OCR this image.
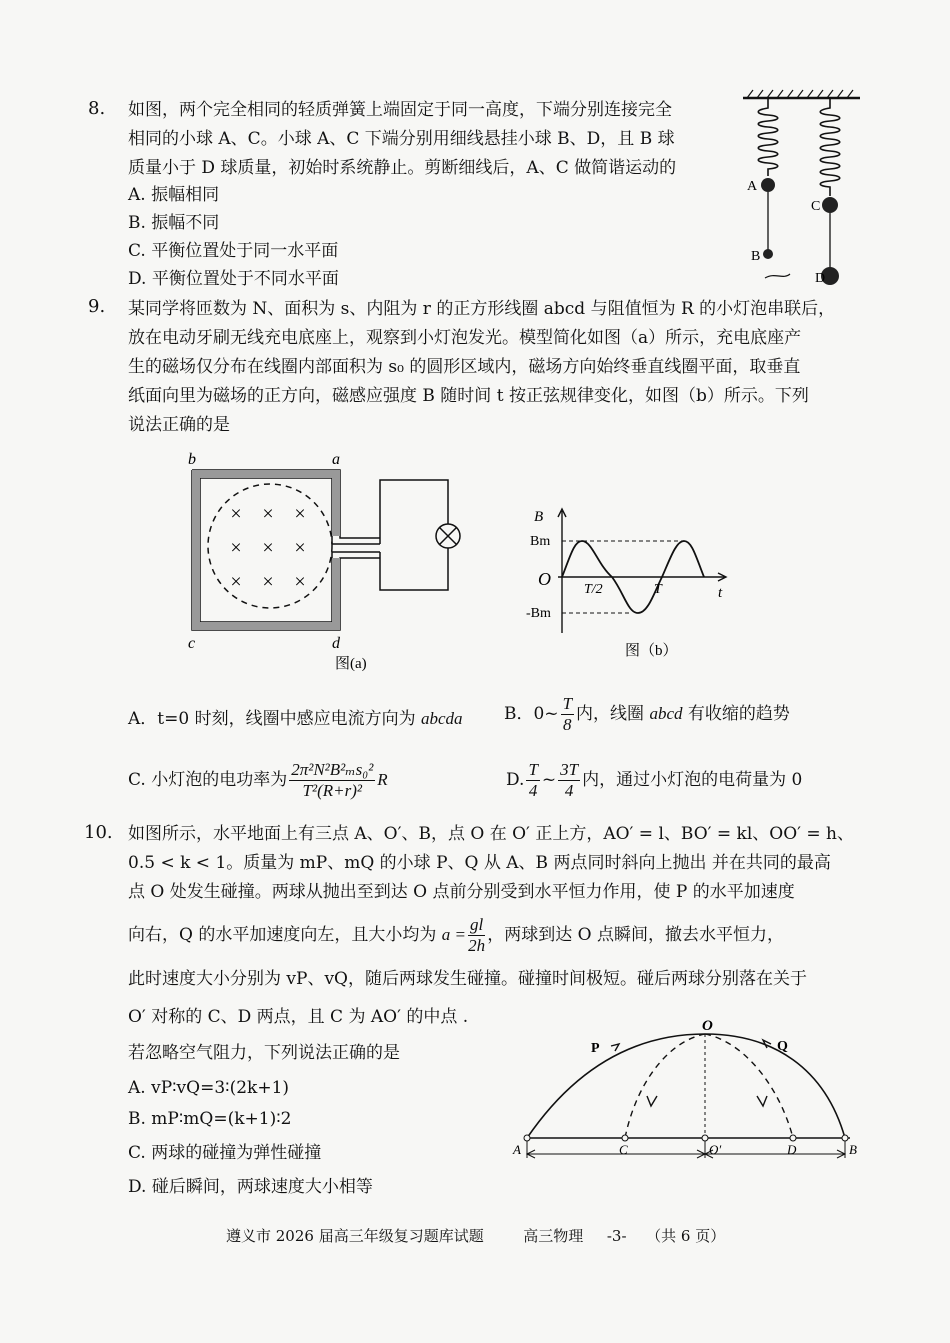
8. 如图，两个完全相同的轻质弹簧上端固定于同一高度，下端分别连接完全
相同的小球 A、C。小球 A、C 下端分别用细线悬挂小球 B、D，且 B 球
质量小于 D 球质量，初始时系统静止。剪断细线后，A、C 做简谐运动的
A. 振幅相同
B. 振幅不同
C. 平衡位置处于同一水平面
D. 平衡位置处于不同水平面
A
C
B
D
9. 某同学将匝数为 N、面积为 s、内阻为 r 的正方形线圈 abcd 与阻值恒为 R 的小灯泡串联后，
放在电动牙刷无线充电底座上，观察到小灯泡发光。模型简化如图（a）所示，充电底座产
生的磁场仅分布在线圈内部面积为 s₀ 的圆形区域内，磁场方向始终垂直线圈平面，取垂直
纸面向里为磁场的正方向，磁感应强度 B 随时间 t 按正弦规律变化，如图（b）所示。下列
说法正确的是
× × ×
× × ×
× × ×
b	a
c	d
图(a)
B
Bm
O
-Bm
T/2	T	t
图（b）
A．t=0 时刻，线圈中感应电流方向为 abcda B．0~ $\frac{T}{8}$ 内，线圈 abcd 有收缩的趋势
C. 小灯泡的电功率为 $\frac{\text{2π²N²B²ₘs₀²}}{\text{T²(R+r)²}}$ R	D. $\frac{T}{4}$ ~ $\frac{3T}{4}$ 内，通过小灯泡的电荷量为 0
10. 如图所示，水平地面上有三点 A、O′、B，点 O 在 O′ 正上方，AO′ = l、BO′ = kl、OO′ = h、
0.5 < k < 1。质量为 mP、mQ 的小球 P、Q 从 A、B 两点同时斜向上抛出 并在共同的最高
点 O 处发生碰撞。两球从抛出至到达 O 点前分别受到水平恒力作用，使 P 的水平加速度
向右，Q 的水平加速度向左，且大小均为 $a = \frac{gl}{2h}$ ，两球到达 O 点瞬间，撤去水平恒力，
此时速度大小分别为 vP、vQ，随后两球发生碰撞。碰撞时间极短。碰后两球分别落在关于
O′ 对称的 C、D 两点，且 C 为 AO′ 的中点 .
若忽略空气阻力，下列说法正确的是
A. vP∶vQ=3∶(2k+1)
B. mP∶mQ=(k+1)∶2
C. 两球的碰撞为弹性碰撞
D. 碰后瞬间，两球速度大小相等
P
O
Q
A	C	O′	D	B
遵义市 2026 届高三年级复习题库试题	高三物理 -3- （共 6 页）
